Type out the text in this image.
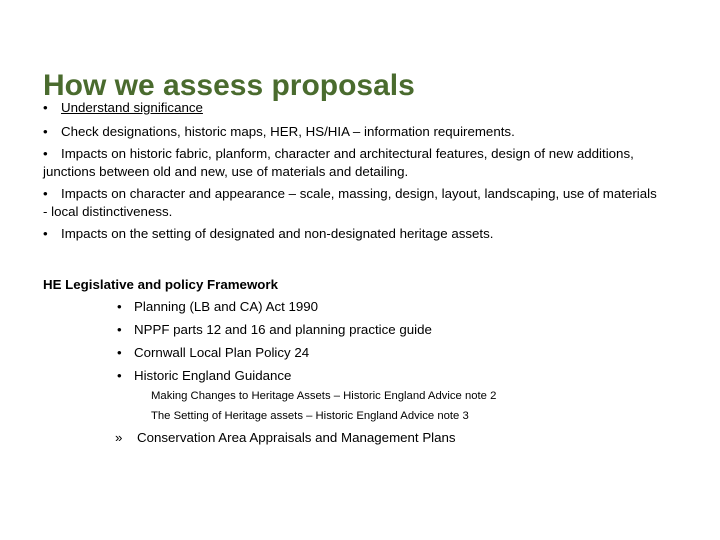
How we assess proposals
• Understand significance
• Check designations, historic maps, HER, HS/HIA – information requirements.
• Impacts on historic fabric, planform, character and architectural features, design of new additions, junctions between old and new, use of materials and detailing.
• Impacts on character and appearance – scale, massing, design, layout, landscaping, use of materials - local distinctiveness.
• Impacts on the setting of designated and non-designated heritage assets.
HE Legislative and policy Framework
• Planning (LB and CA) Act 1990
• NPPF parts 12 and 16 and planning practice guide
• Cornwall Local Plan Policy 24
• Historic England Guidance
Making Changes to Heritage Assets – Historic England Advice note 2
The Setting of Heritage assets – Historic England Advice note 3
» Conservation Area Appraisals and Management Plans
